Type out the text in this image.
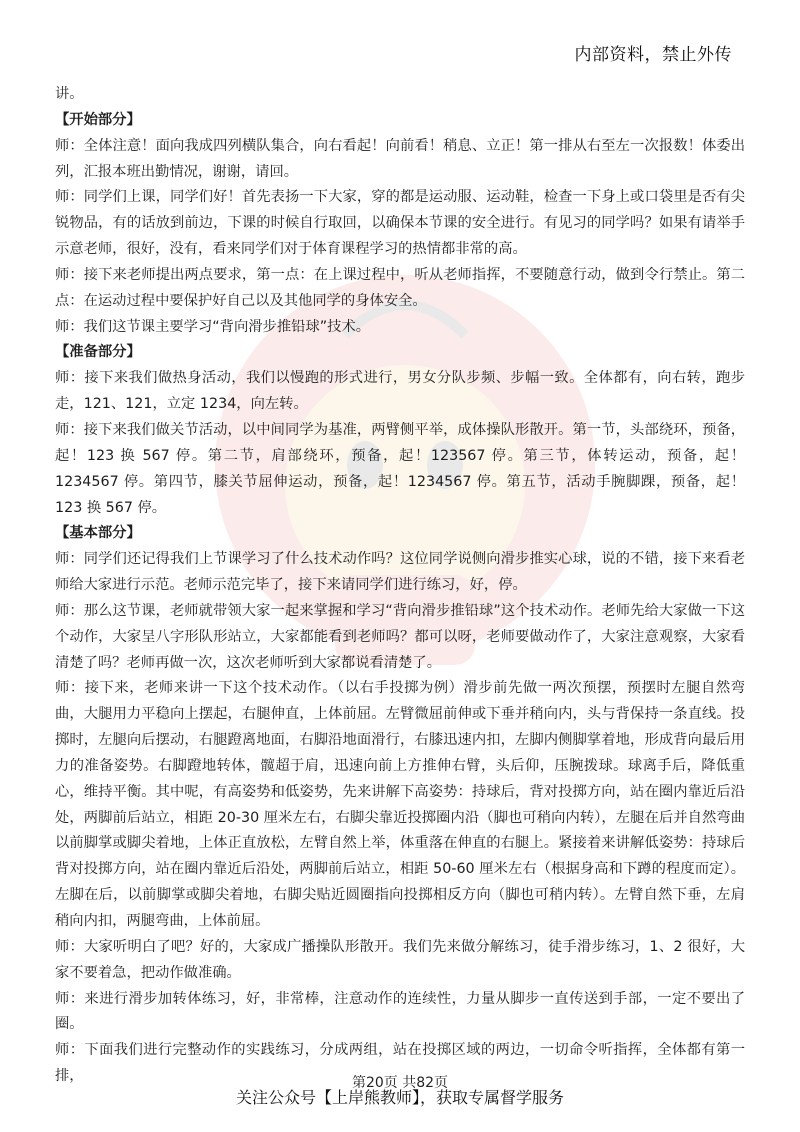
内部资料，禁止外传

讲。

【开始部分】

师：全体注意！面向我成四列横队集合，向右看起！向前看！稍息、立正！第一排从右至左一次报数！体委出列，汇报本班出勤情况，谢谢，请回。

师：同学们上课，同学们好！首先表扬一下大家，穿的都是运动服、运动鞋，检查一下身上或口袋里是否有尖锐物品，有的话放到前边，下课的时候自行取回，以确保本节课的安全进行。有见习的同学吗？如果有请举手示意老师，很好，没有，看来同学们对于体育课程学习的热情都非常的高。

师：接下来老师提出两点要求，第一点：在上课过程中，听从老师指挥，不要随意行动，做到令行禁止。第二点：在运动过程中要保护好自己以及其他同学的身体安全。

师：我们这节课主要学习“背向滑步推铅球”技术。

【准备部分】

师：接下来我们做热身活动，我们以慢跑的形式进行，男女分队步频、步幅一致。全体都有，向右转，跑步走，121、121，立定 1234，向左转。

师：接下来我们做关节活动，以中间同学为基准，两臂侧平举，成体操队形散开。第一节，头部绕环，预备，起！123 换 567 停。第二节，肩部绕环，预备，起！123567 停。第三节，体转运动，预备，起！1234567 停。第四节，膝关节屈伸运动，预备，起！1234567 停。第五节，活动手腕脚踝，预备，起！123 换 567 停。

【基本部分】

师：同学们还记得我们上节课学习了什么技术动作吗？这位同学说侧向滑步推实心球，说的不错，接下来看老师给大家进行示范。老师示范完毕了，接下来请同学们进行练习，好，停。

师：那么这节课，老师就带领大家一起来掌握和学习“背向滑步推铅球”这个技术动作。老师先给大家做一下这个动作，大家呈八字形队形站立，大家都能看到老师吗？都可以呀，老师要做动作了，大家注意观察，大家看清楚了吗？老师再做一次，这次老师听到大家都说看清楚了。

师：接下来，老师来讲一下这个技术动作。（以右手投掷为例）滑步前先做一两次预摆，预摆时左腿自然弯曲，大腿用力平稳向上摆起，右腿伸直，上体前屈。左臂微屈前伸或下垂并稍向内，头与背保持一条直线。投掷时，左腿向后摆动，右腿蹬离地面，右脚沿地面滑行，右膝迅速内扣，左脚内侧脚掌着地，形成背向最后用力的准备姿势。右脚蹬地转体，髋超于肩，迅速向前上方推伸右臂，头后仰，压腕拨球。球离手后，降低重心，维持平衡。其中呢，有高姿势和低姿势，先来讲解下高姿势：持球后，背对投掷方向，站在圈内靠近后沿处，两脚前后站立，相距 20-30 厘米左右，右脚尖靠近投掷圈内沿（脚也可稍向内转），左腿在后并自然弯曲以前脚掌或脚尖着地，上体正直放松，左臂自然上举，体重落在伸直的右腿上。紧接着来讲解低姿势：持球后背对投掷方向，站在圈内靠近后沿处，两脚前后站立，相距 50-60 厘米左右（根据身高和下蹲的程度而定）。左脚在后，以前脚掌或脚尖着地，右脚尖贴近圆圈指向投掷相反方向（脚也可稍内转）。左臂自然下垂，左肩稍向内扣，两腿弯曲，上体前屈。

师：大家听明白了吧？好的，大家成广播操队形散开。我们先来做分解练习，徒手滑步练习，1、2 很好，大家不要着急，把动作做准确。

师：来进行滑步加转体练习，好，非常棒，注意动作的连续性，力量从脚步一直传送到手部，一定不要出了圈。

师：下面我们进行完整动作的实践练习，分成两组，站在投掷区域的两边，一切命令听指挥，全体都有第一排，	第20页 共82页
关注公众号【上岸熊教师】，获取专属督学服务
